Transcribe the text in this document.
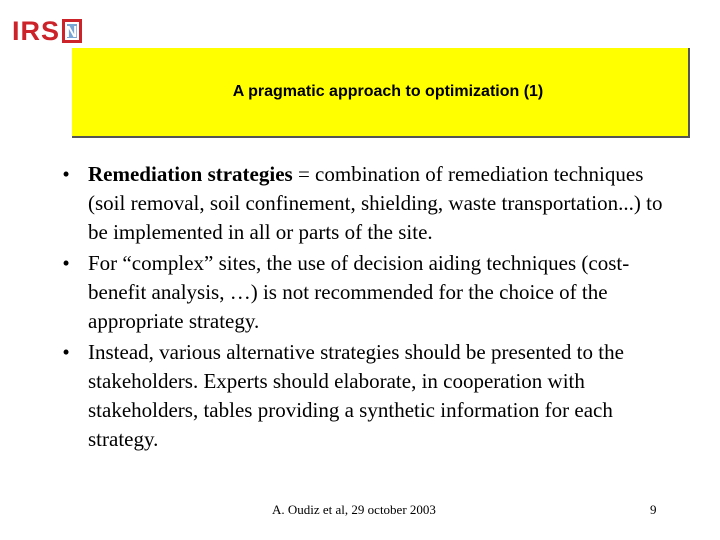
IRS N
A pragmatic approach to optimization (1)
• Remediation strategies = combination of remediation techniques (soil removal, soil confinement, shielding, waste transportation...) to be implemented in all or parts of the site.
• For “complex” sites, the use of decision aiding techniques (cost-benefit analysis, …) is not recommended for the choice of the appropriate strategy.
• Instead, various alternative strategies should be presented to the stakeholders. Experts should elaborate, in cooperation with stakeholders, tables providing a synthetic information for each strategy.
A. Oudiz et al, 29 october 2003	9
